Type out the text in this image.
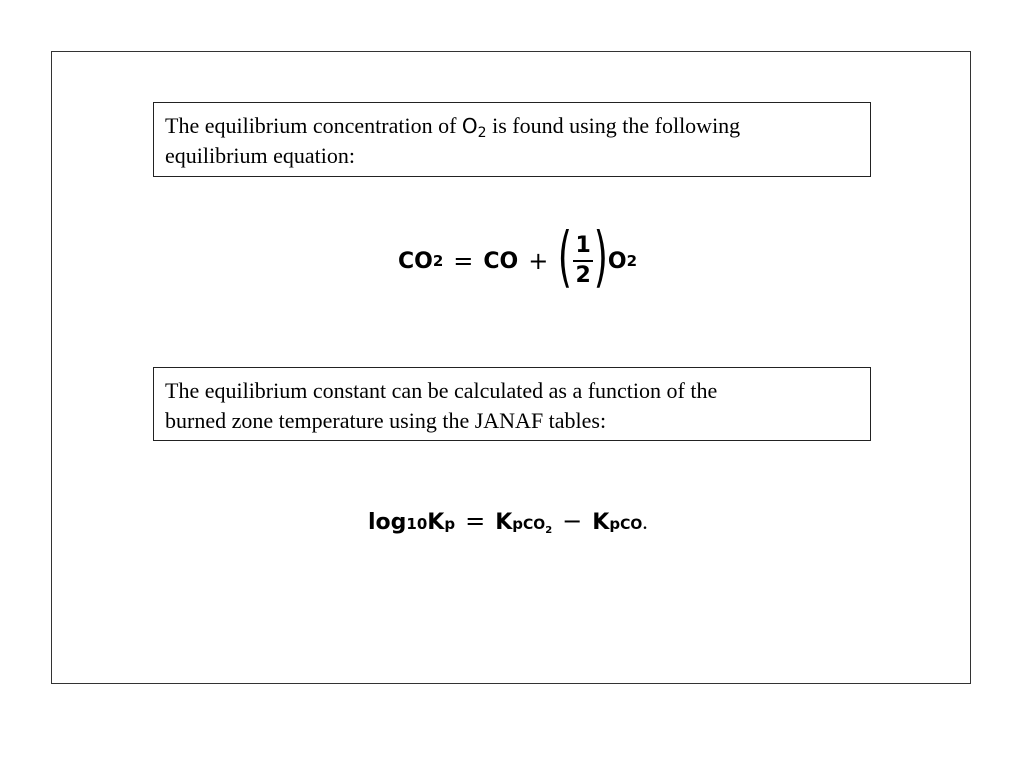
The equilibrium concentration of $O_2$ is found using the following
equilibrium equation:
CO 2 = CO + ( $\frac{1}{2}$ ) O 2
The equilibrium constant can be calculated as a function of the
burned zone temperature using the JANAF tables:
log 10 K p = K p $CO_2 - K$ p CO .
